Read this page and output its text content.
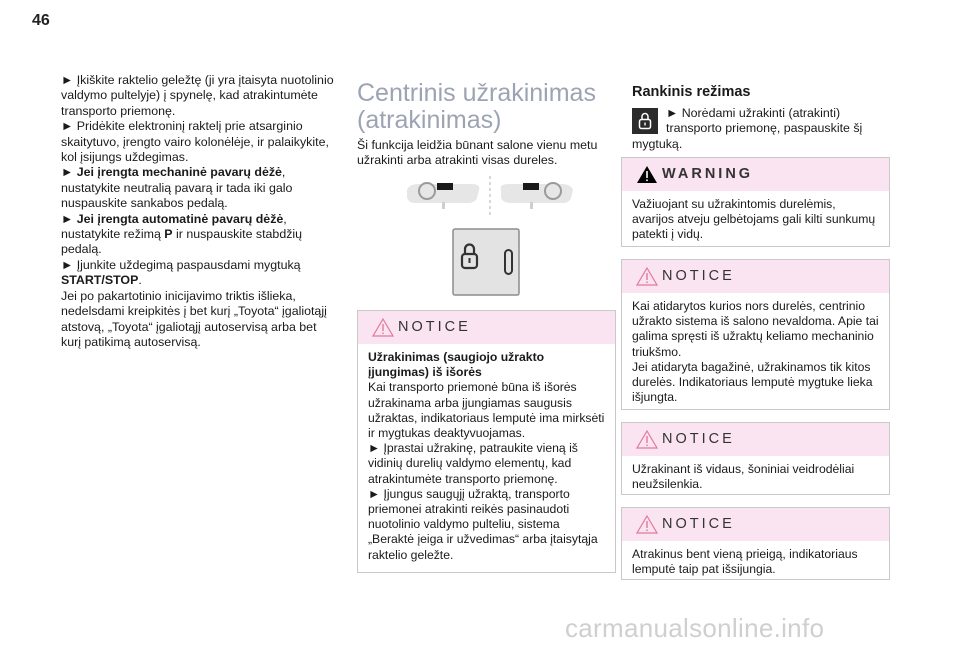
46

► Įkiškite raktelio geležtę (ji yra įtaisyta nuotolinio valdymo pultelyje) į spynelę, kad atrakintumėte transporto priemonę.

► Pridėkite elektroninį raktelį prie atsarginio skaitytuvo, įrengto vairo kolonėlėje, ir palaikykite, kol įsijungs uždegimas.

► Jei įrengta mechaninė pavarų dėžė, nustatykite neutralią pavarą ir tada iki galo nuspauskite sankabos pedalą.

► Jei įrengta automatinė pavarų dėžė, nustatykite režimą P ir nuspauskite stabdžių pedalą.

► Įjunkite uždegimą paspausdami mygtuką START/STOP.

Jei po pakartotinio inicijavimo triktis išlieka, nedelsdami kreipkitės į bet kurį „Toyota“ įgaliotąjį atstovą, „Toyota“ įgaliotąjį autoservisą arba bet kurį patikimą autoservisą.

Centrinis užrakinimas (atrakinimas)

Ši funkcija leidžia būnant salone vienu metu užrakinti arba atrakinti visas dureles.

NOTICE

Užrakinimas (saugiojo užrakto įjungimas) iš išorės

Kai transporto priemonė būna iš išorės užrakinama arba įjungiamas saugusis užraktas, indikatoriaus lemputė ima mirksėti ir mygtukas deaktyvuojamas.

► Įprastai užrakinę, patraukite vieną iš vidinių durelių valdymo elementų, kad atrakintumėte transporto priemonę.

► Įjungus saugųjį užraktą, transporto priemonei atrakinti reikės pasinaudoti nuotolinio valdymo pulteliu, sistema „Beraktė įeiga ir užvedimas“ arba įtaisytąja raktelio geležte.

Rankinis režimas
► Norėdami užrakinti (atrakinti) transporto priemonę, paspauskite šį mygtuką.
WARNING

Važiuojant su užrakintomis durelėmis, avarijos atveju gelbėtojams gali kilti sunkumų patekti į vidų.

NOTICE

Kai atidarytos kurios nors durelės, centrinio užrakto sistema iš salono nevaldoma. Apie tai galima spręsti iš užraktų keliamo mechaninio triukšmo.

Jei atidaryta bagažinė, užrakinamos tik kitos durelės. Indikatoriaus lemputė mygtuke lieka išjungta.

NOTICE

Užrakinant iš vidaus, šoniniai veidrodėliai neužsilenkia.

NOTICE

Atrakinus bent vieną prieigą, indikatoriaus lemputė taip pat išsijungia.

carmanualsonline.info
